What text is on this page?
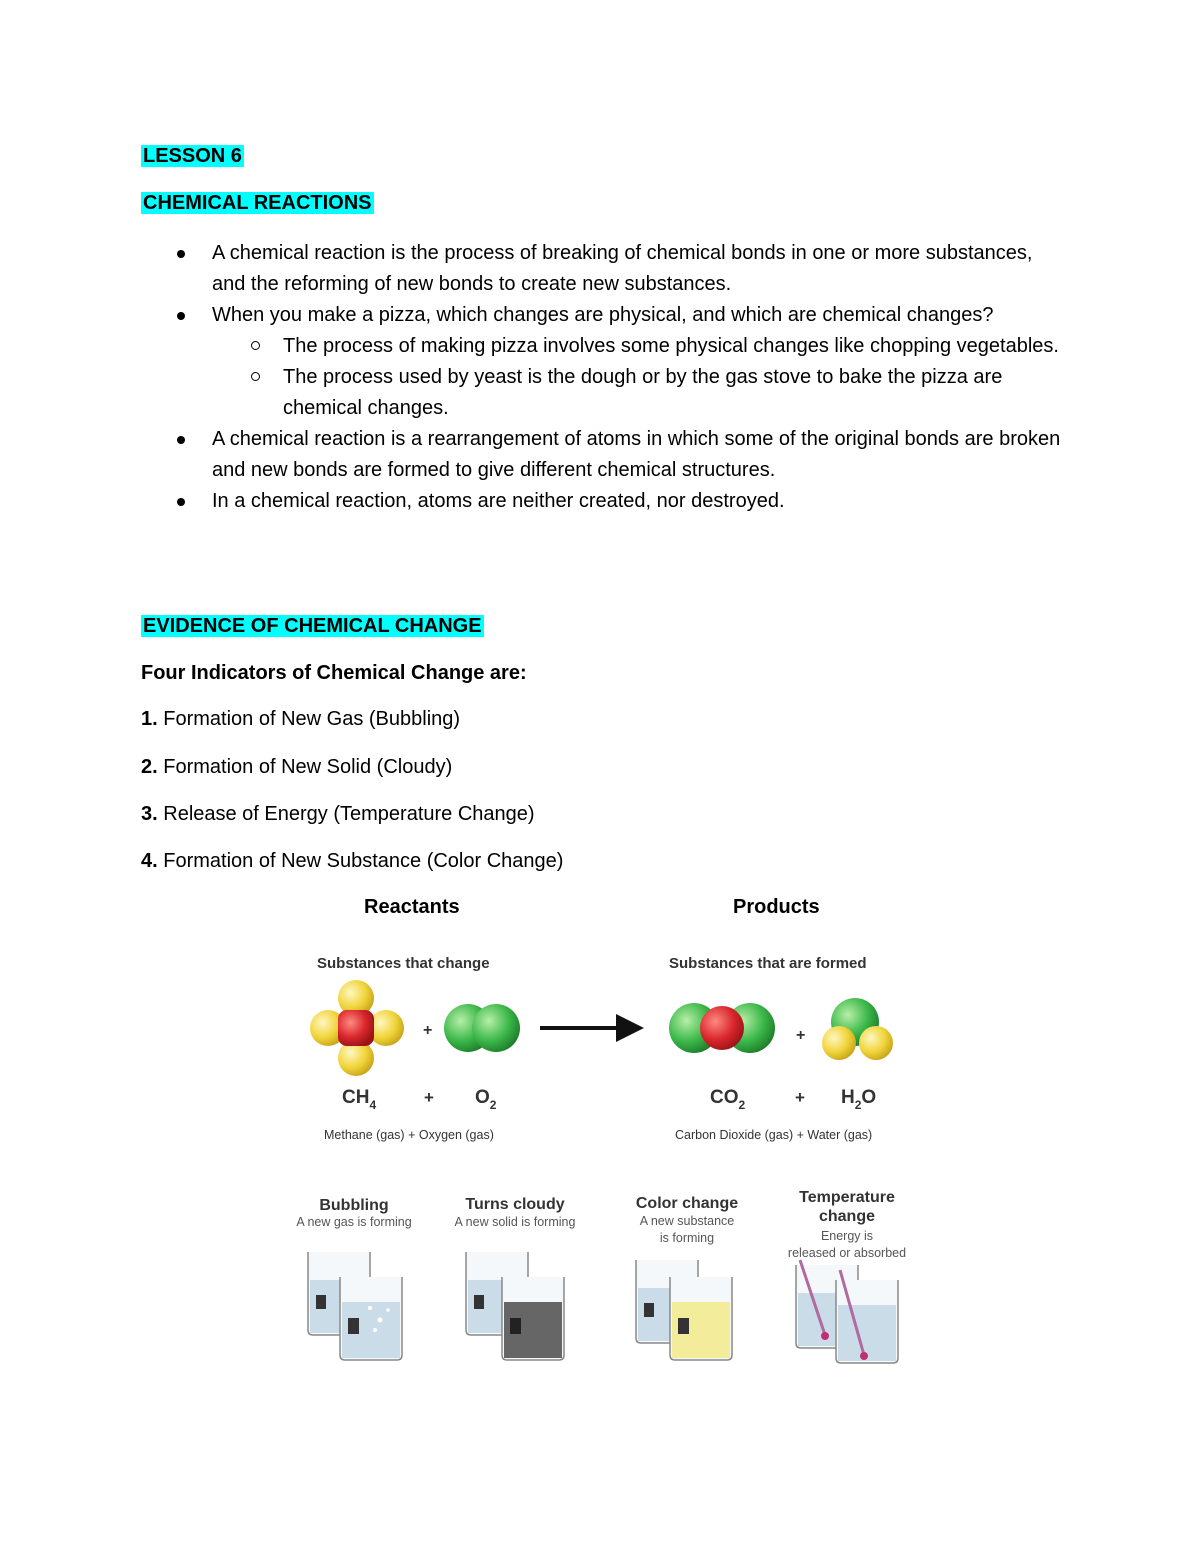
LESSON 6
CHEMICAL REACTIONS
A chemical reaction is the process of breaking of chemical bonds in one or more substances, and the reforming of new bonds to create new substances.
When you make a pizza, which changes are physical, and which are chemical changes?
The process of making pizza involves some physical changes like chopping vegetables.
The process used by yeast is the dough or by the gas stove to bake the pizza are chemical changes.
A chemical reaction is a rearrangement of atoms in which some of the original bonds are broken and new bonds are formed to give different chemical structures.
In a chemical reaction, atoms are neither created, nor destroyed.
EVIDENCE OF CHEMICAL CHANGE
Four Indicators of Chemical Change are:
1. Formation of New Gas (Bubbling)
2. Formation of New Solid (Cloudy)
3. Release of Energy (Temperature Change)
4. Formation of New Substance (Color Change)
Reactants	Products
Substances that change	Substances that are formed
+	+
$CH_4$	+ $O_2$	$CO_2$	+ $H_2O$
Methane (gas) + Oxygen (gas)	Carbon Dioxide (gas) + Water (gas)
Bubbling
A new gas is forming
Turns cloudy
A new solid is forming
Color change
A new substance
is forming
Temperature
change
Energy is
released or absorbed
